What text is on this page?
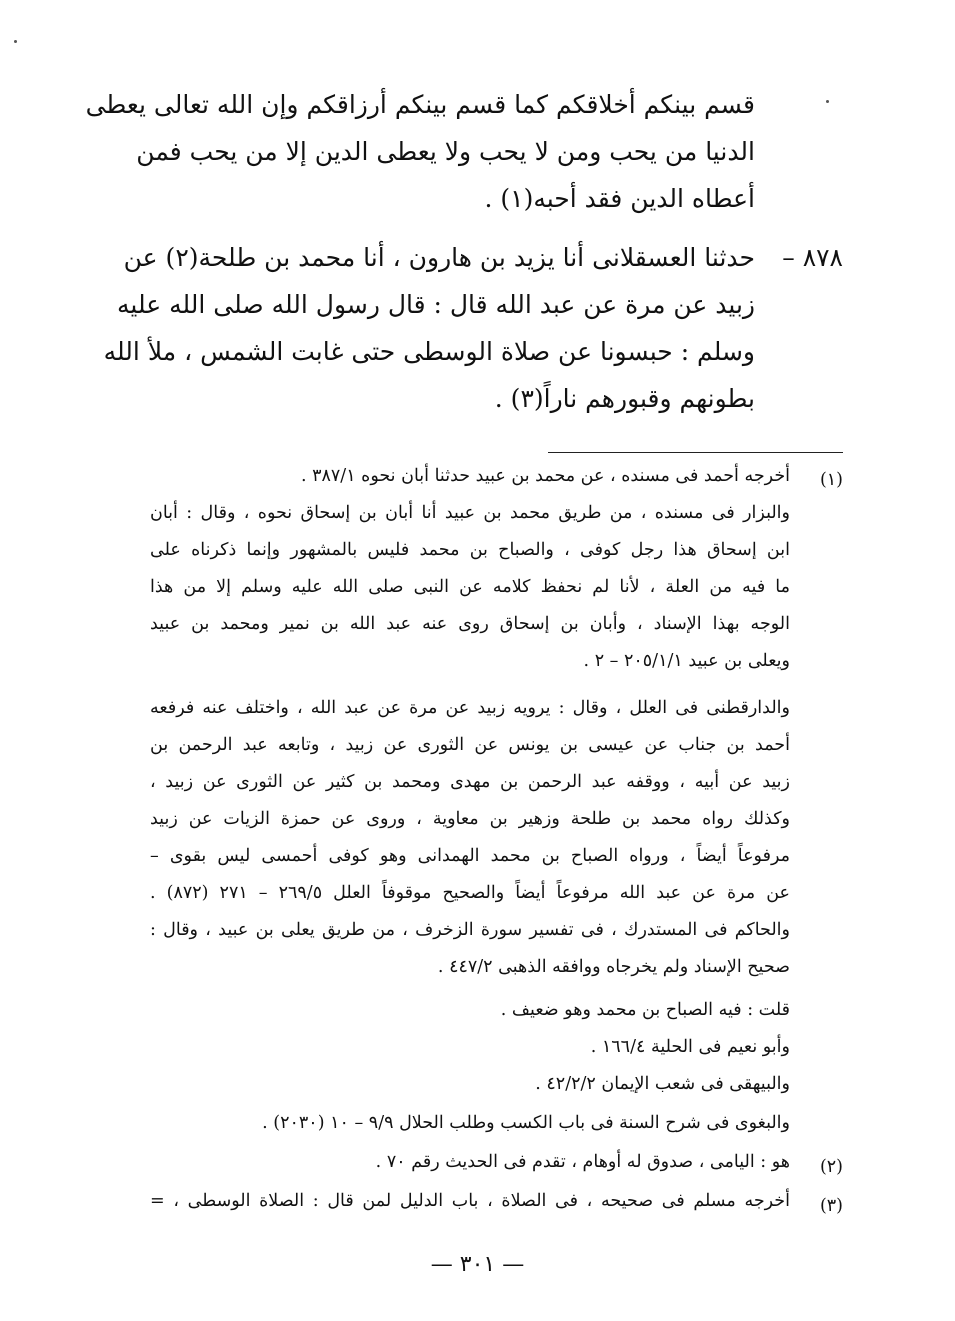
قسم بينكم أخلاقكم كما قسم بينكم أرزاقكم وإن الله تعالى يعطى
الدنيا من يحب ومن لا يحب ولا يعطى الدين إلا من يحب فمن
أعطاه الدين فقد أحبه(١) .
٨٧٨ –
حدثنا العسقلانى أنا يزيد بن هارون ، أنا محمد بن طلحة(٢) عن
زبيد عن مرة عن عبد الله قال : قال رسول الله صلى الله عليه
وسلم : حبسونا عن صلاة الوسطى حتى غابت الشمس ، ملأ الله
بطونهم وقبورهم ناراً(٣) .
(١)
أخرجه أحمد فى مسنده ، عن محمد بن عبيد حدثنا أبان نحوه ٣٨٧/١ .
والبزار فى مسنده ، من طريق محمد بن عبيد أنا أبان بن إسحاق نحوه ، وقال : أبان
ابن إسحاق هذا رجل كوفى ، والصباح بن محمد فليس بالمشهور وإنما ذكرناه على
ما فيه من العلة ، لأنا لم نحفظ كلامه عن النبى صلى الله عليه وسلم إلا من هذا
الوجه بهذا الإسناد ، وأبان بن إسحاق روى عنه عبد الله بن نمير ومحمد بن عبيد
ويعلى بن عبيد ٢٠٥/١/١ – ٢ .
والدارقطنى فى العلل ، وقال : يرويه زبيد عن مرة عن عبد الله ، واختلف عنه فرفعه
أحمد بن جناب عن عيسى بن يونس عن الثورى عن زبيد ، وتابعه عبد الرحمن بن
زبيد عن أبيه ، ووقفه عبد الرحمن بن مهدى ومحمد بن كثير عن الثورى عن زبيد ،
وكذلك رواه محمد بن طلحة وزهير بن معاوية ، وروى عن حمزة الزيات عن زبيد
مرفوعاً أيضاً ، ورواه الصباح بن محمد الهمدانى وهو كوفى أحمسى ليس بقوى –
عن مرة عن عبد الله مرفوعاً أيضاً والصحيح موقوفاً العلل ٢٦٩/٥ – ٢٧١ (٨٧٢) .
والحاكم فى المستدرك ، فى تفسير سورة الزخرف ، من طريق يعلى بن عبيد ، وقال :
صحيح الإسناد ولم يخرجاه ووافقه الذهبى ٤٤٧/٢ .
قلت : فيه الصباح بن محمد وهو ضعيف .
وأبو نعيم فى الحلية ١٦٦/٤ .
والبيهقى فى شعب الإيمان ٤٢/٢/٢ .
والبغوى فى شرح السنة فى باب الكسب وطلب الحلال ٩/٩ – ١٠ (٢٠٣٠) .
(٢)
هو : اليامى ، صدوق له أوهام ، تقدم فى الحديث رقم ٧٠ .
(٣)
أخرجه مسلم فى صحيحه ، فى الصلاة ، باب الدليل لمن قال : الصلاة الوسطى ، =
— ٣٠١ —
